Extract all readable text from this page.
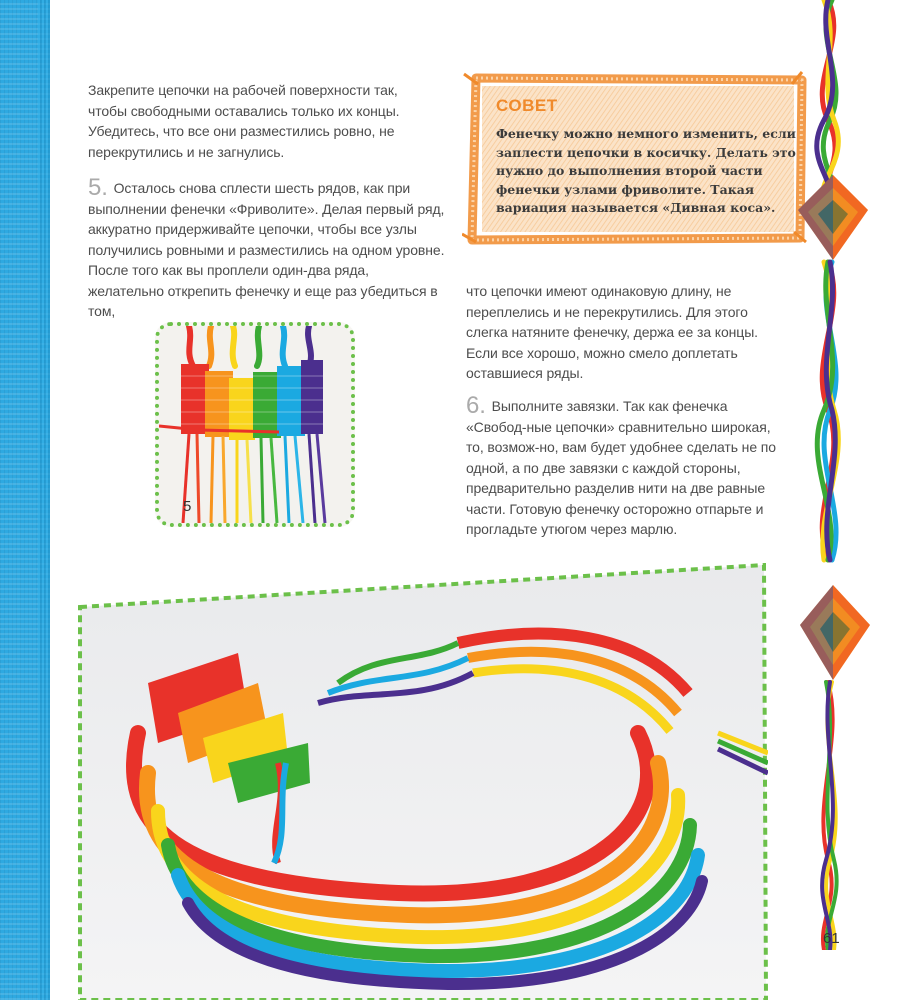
Закрепите цепочки на рабочей поверхности так, чтобы свободными оставались только их концы. Убедитесь, что все они разместились ровно, не перекрутились и не загнулись.

5. Осталось снова сплести шесть рядов, как при выполнении фенечки «Фриволите». Делая первый ряд, аккуратно придерживайте цепочки, чтобы все узлы получились ровными и разместились на одном уровне. После того как вы проплели один-два ряда, желательно открепить фенечку и еще раз убедиться в том,

что цепочки имеют одинаковую длину, не переплелись и не перекрутились. Для этого слегка натяните фенечку, держа ее за концы. Если все хорошо, можно смело доплетать оставшиеся ряды.

6. Выполните завязки. Так как фенечка «Свобод-ные цепочки» сравнительно широкая, то, возмож-но, вам будет удобнее сделать не по одной, а по две завязки с каждой стороны, предварительно разделив нити на две равные части. Готовую фенечку осторожно отпарьте и прогладьте утюгом через марлю.

СОВЕТ

Фенечку можно немного изменить, если заплести цепочки в косичку. Делать это нужно до выполнения второй части фенечки узлами фриволите. Такая вариация называется «Дивная коса».

5
61
